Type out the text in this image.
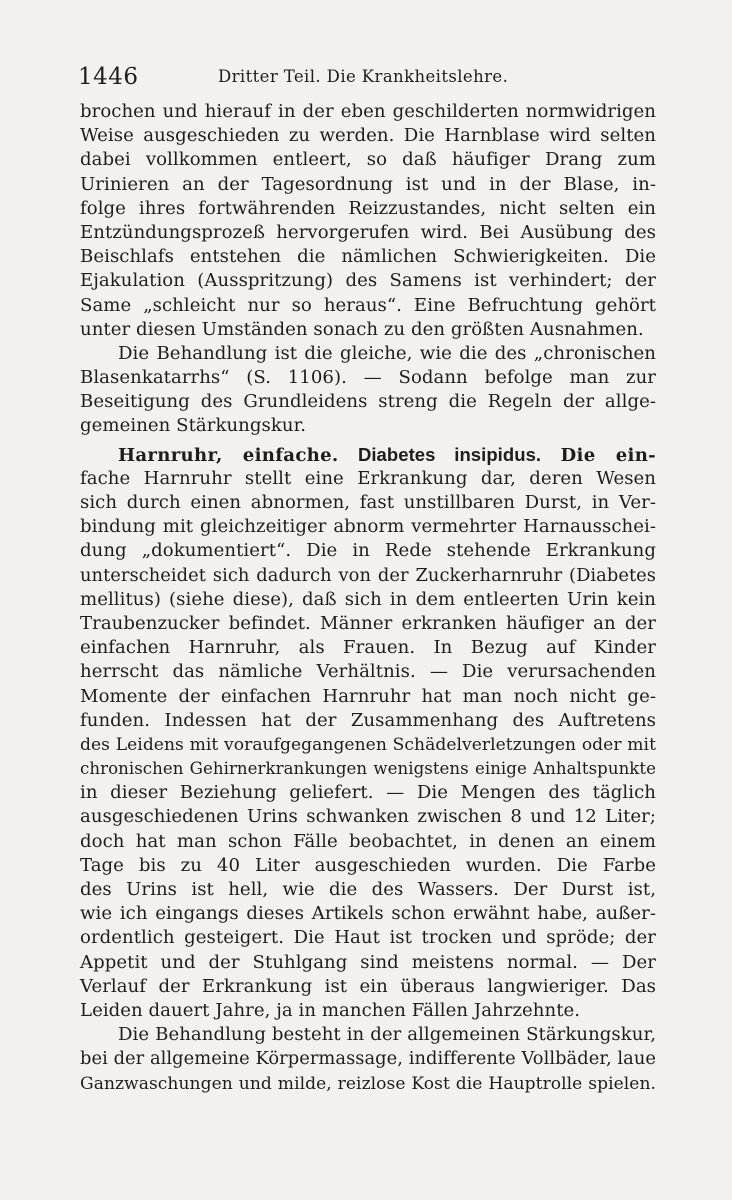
1446	Dritter Teil. Die Krankheitslehre.
brochen und hierauf in der eben geschilderten normwidrigen
Weise ausgeschieden zu werden. Die Harnblase wird selten
dabei vollkommen entleert, so daß häufiger Drang zum
Urinieren an der Tagesordnung ist und in der Blase, in-
folge ihres fortwährenden Reizzustandes, nicht selten ein
Entzündungsprozeß hervorgerufen wird. Bei Ausübung des
Beischlafs entstehen die nämlichen Schwierigkeiten. Die
Ejakulation (Ausspritzung) des Samens ist verhindert; der
Same „schleicht nur so heraus“. Eine Befruchtung gehört
unter diesen Umständen sonach zu den größten Ausnahmen.
Die Behandlung ist die gleiche, wie die des „chronischen
Blasenkatarrhs“ (S. 1106). — Sodann befolge man zur
Beseitigung des Grundleidens streng die Regeln der allge-
gemeinen Stärkungskur.
Harnruhr, einfache. Diabetes insipidus. Die ein-
fache Harnruhr stellt eine Erkrankung dar, deren Wesen
sich durch einen abnormen, fast unstillbaren Durst, in Ver-
bindung mit gleichzeitiger abnorm vermehrter Harnausschei-
dung „dokumentiert“. Die in Rede stehende Erkrankung
unterscheidet sich dadurch von der Zuckerharnruhr (Diabetes
mellitus) (siehe diese), daß sich in dem entleerten Urin kein
Traubenzucker befindet. Männer erkranken häufiger an der
einfachen Harnruhr, als Frauen. In Bezug auf Kinder
herrscht das nämliche Verhältnis. — Die verursachenden
Momente der einfachen Harnruhr hat man noch nicht ge-
funden. Indessen hat der Zusammenhang des Auftretens
des Leidens mit voraufgegangenen Schädelverletzungen oder mit
chronischen Gehirnerkrankungen wenigstens einige Anhaltspunkte
in dieser Beziehung geliefert. — Die Mengen des täglich
ausgeschiedenen Urins schwanken zwischen 8 und 12 Liter;
doch hat man schon Fälle beobachtet, in denen an einem
Tage bis zu 40 Liter ausgeschieden wurden. Die Farbe
des Urins ist hell, wie die des Wassers. Der Durst ist,
wie ich eingangs dieses Artikels schon erwähnt habe, außer-
ordentlich gesteigert. Die Haut ist trocken und spröde; der
Appetit und der Stuhlgang sind meistens normal. — Der
Verlauf der Erkrankung ist ein überaus langwieriger. Das
Leiden dauert Jahre, ja in manchen Fällen Jahrzehnte.
Die Behandlung besteht in der allgemeinen Stärkungskur,
bei der allgemeine Körpermassage, indifferente Vollbäder, laue
Ganzwaschungen und milde, reizlose Kost die Hauptrolle spielen.
